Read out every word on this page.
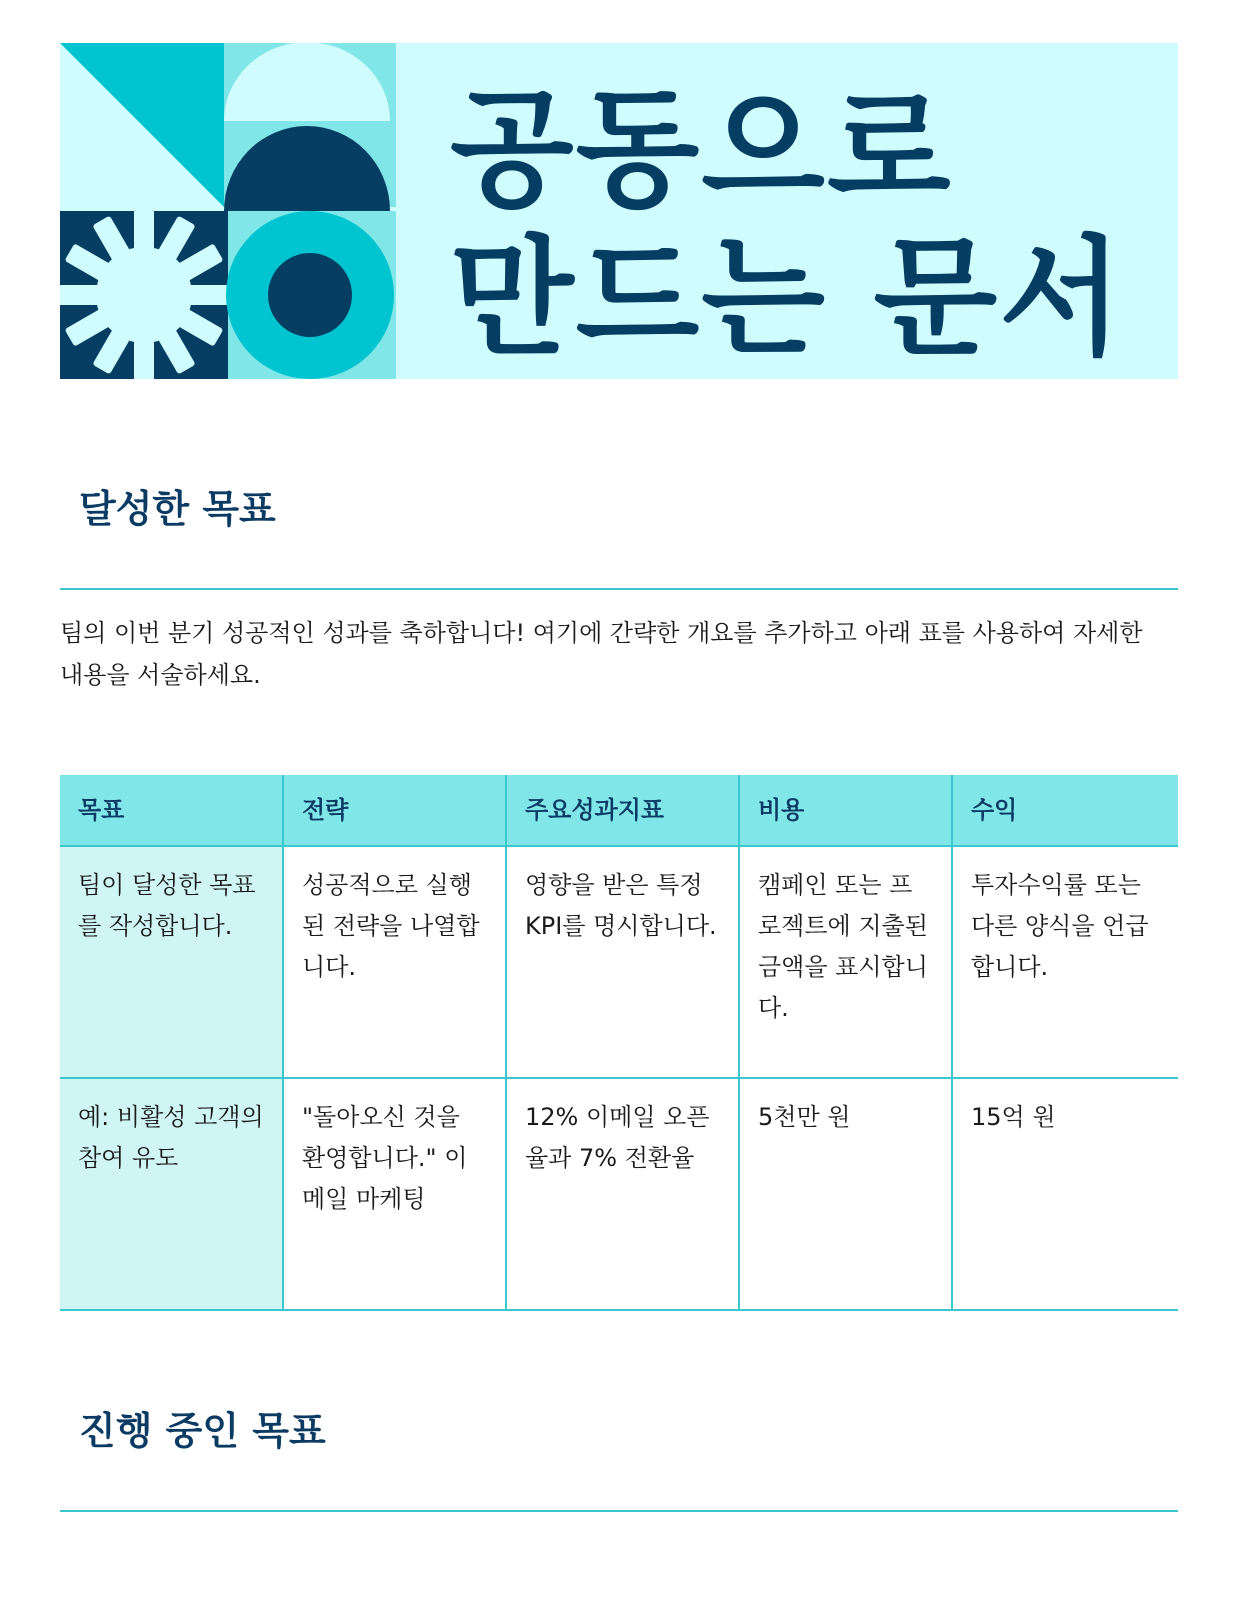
공동으로
만드는 문서
달성한 목표

팀의 이번 분기 성공적인 성과를 축하합니다! 여기에 간략한 개요를 추가하고 아래 표를 사용하여 자세한 내용을 서술하세요.

목표	전략	주요성과지표	비용	수익
팀이 달성한 목표를 작성합니다.	성공적으로 실행된 전략을 나열합니다.	영향을 받은 특정 KPI를 명시합니다.	캠페인 또는 프로젝트에 지출된 금액을 표시합니다.	투자수익률 또는 다른 양식을 언급합니다.
예: 비활성 고객의 참여 유도	"돌아오신 것을 환영합니다." 이메일 마케팅	12% 이메일 오픈율과 7% 전환율	5천만 원	15억 원
진행 중인 목표
